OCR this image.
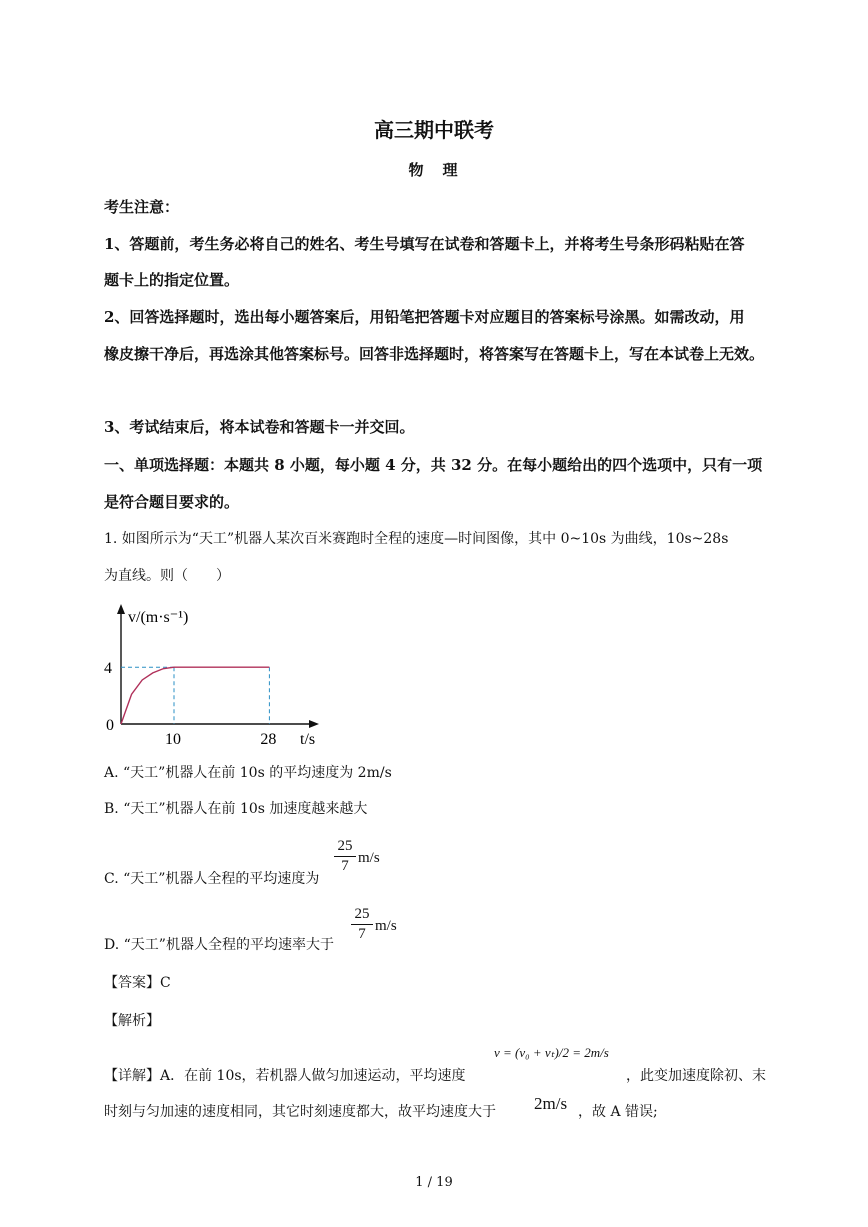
高三期中联考
物　理
考生注意：
1、答题前，考生务必将自己的姓名、考生号填写在试卷和答题卡上，并将考生号条形码粘贴在答
题卡上的指定位置。
2、回答选择题时，选出每小题答案后，用铅笔把答题卡对应题目的答案标号涂黑。如需改动，用
橡皮擦干净后，再选涂其他答案标号。回答非选择题时，将答案写在答题卡上，写在本试卷上无效。
3、考试结束后，将本试卷和答题卡一并交回。
一、单项选择题：本题共 8 小题，每小题 4 分，共 32 分。在每小题给出的四个选项中，只有一项
是符合题目要求的。
1. 如图所示为“天工”机器人某次百米赛跑时全程的速度—时间图像，其中 0~10s 为曲线，10s~28s
为直线。则（　　）
v/(m·s⁻¹)
t/s
0
4
10	28
A. “天工”机器人在前 10s 的平均速度为 2m/s
B. “天工”机器人在前 10s 加速度越来越大
C. “天工”机器人全程的平均速度为
25
7 m/s
D. “天工”机器人全程的平均速率大于
25
7 m/s
【答案】C
【解析】
【详解】A．在前 10s，若机器人做匀加速运动，平均速度
v = (v₀ + vₜ)/2 = 2m/s
，此变加速度除初、末
时刻与匀加速的速度相同，其它时刻速度都大，故平均速度大于 2m/s ，故 A 错误;
1 / 19
